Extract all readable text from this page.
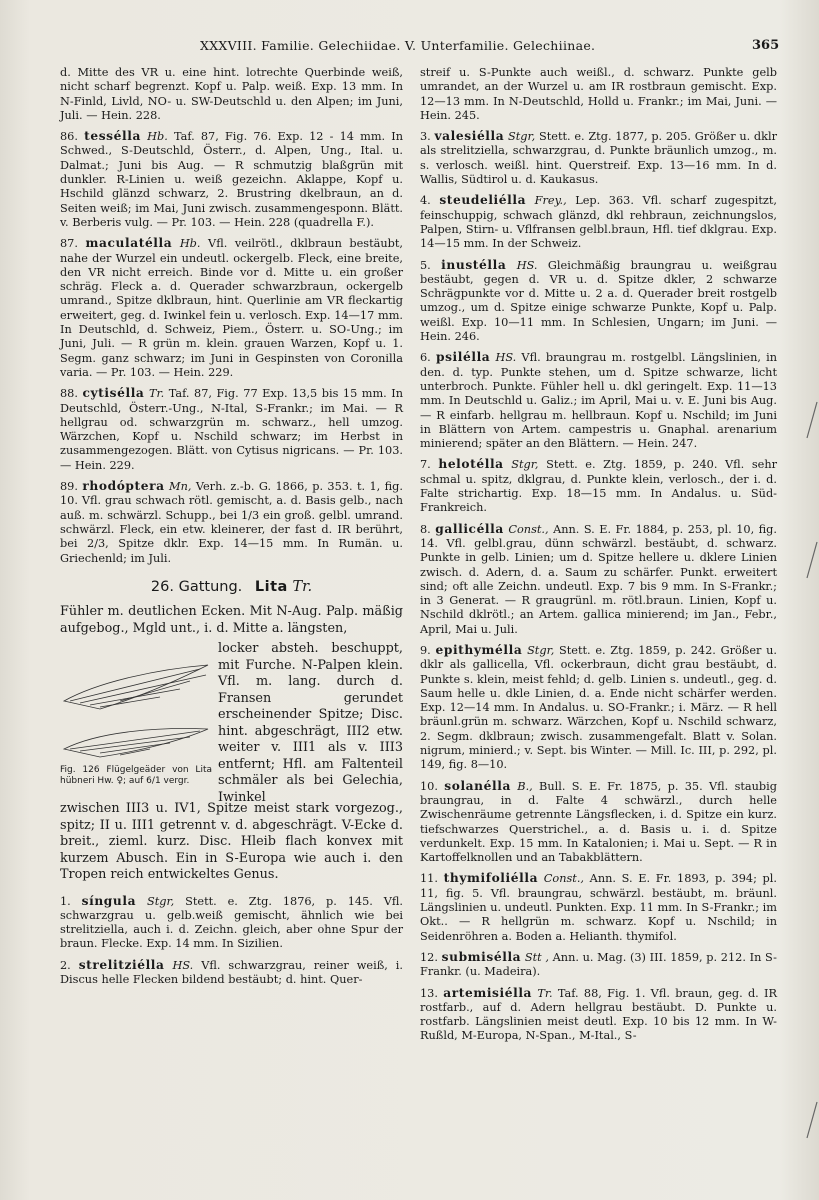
XXXVIII. Familie. Gelechiidae. V. Unterfamilie. Gelechiinae.	365

d. Mitte des VR u. eine hint. lotrechte Querbinde weiß, nicht scharf begrenzt. Kopf u. Palp. weiß. Exp. 13 mm. In N-Finld, Livld, NO- u. SW-Deutschld u. den Alpen; im Juni, Juli. — Hein. 228.

86. tessélla Hb. Taf. 87, Fig. 76. Exp. 12 - 14 mm. In Schwed., S-Deutschld, Österr., d. Alpen, Ung., Ital. u. Dalmat.; Juni bis Aug. — R schmutzig blaßgrün mit dunkler. R-Linien u. weiß gezeichn. Aklappe, Kopf u. Hschild glänzd schwarz, 2. Brustring dkelbraun, an d. Seiten weiß; im Mai, Juni zwisch. zusammengesponn. Blätt. v. Berberis vulg. — Pr. 103. — Hein. 228 (quadrella F.).

87. maculatélla Hb. Vfl. veilrötl., dklbraun bestäubt, nahe der Wurzel ein undeutl. ockergelb. Fleck, eine breite, den VR nicht erreich. Binde vor d. Mitte u. ein großer schräg. Fleck a. d. Querader schwarzbraun, ockergelb umrand., Spitze dklbraun, hint. Querlinie am VR fleckartig erweitert, geg. d. Iwinkel fein u. verlosch. Exp. 14—17 mm. In Deutschld, d. Schweiz, Piem., Österr. u. SO-Ung.; im Juni, Juli. — R grün m. klein. grauen Warzen, Kopf u. 1. Segm. ganz schwarz; im Juni in Gespinsten von Coronilla varia. — Pr. 103. — Hein. 229.

88. cytisélla Tr. Taf. 87, Fig. 77 Exp. 13,5 bis 15 mm. In Deutschld, Österr.-Ung., N-Ital, S-Frankr.; im Mai. — R hellgrau od. schwarzgrün m. schwarz., hell umzog. Wärzchen, Kopf u. Nschild schwarz; im Herbst in zusammengezogen. Blätt. von Cytisus nigricans. — Pr. 103. — Hein. 229.

89. rhodóptera Mn, Verh. z.-b. G. 1866, p. 353. t. 1, fig. 10. Vfl. grau schwach rötl. gemischt, a. d. Basis gelb., nach auß. m. schwärzl. Schupp., bei 1/3 ein groß. gelbl. umrand. schwärzl. Fleck, ein etw. kleinerer, der fast d. IR berührt, bei 2/3, Spitze dklr. Exp. 14—15 mm. In Rumän. u. Griechenld; im Juli.

26. Gattung. Lita Tr.
Fühler m. deutlichen Ecken. Mit N-Aug. Palp. mäßig aufgebog., Mgld unt., i. d. Mitte a. längsten,
Fig. 126 Flügelgeäder von Lita hübneri Hw. ♀; auf 6/1 vergr.
locker absteh. beschuppt, mit Furche. N-Palpen klein. Vfl. m. lang. durch d. Fransen gerundet erscheinender Spitze; Disc. hint. abgeschrägt, III2 etw. weiter v. III1 als v. III3 entfernt; Hfl. am Faltenteil schmäler als bei Gelechia, Iwinkel
zwischen III3 u. IV1, Spitze meist stark vorgezog., spitz; II u. III1 getrennt v. d. abgeschrägt. V-Ecke d. breit., zieml. kurz. Disc. Hleib flach konvex mit kurzem Abusch. Ein in S-Europa wie auch i. den Tropen reich entwickeltes Genus.

1. síngula Stgr, Stett. e. Ztg. 1876, p. 145. Vfl. schwarzgrau u. gelb.weiß gemischt, ähnlich wie bei strelitziella, auch i. d. Zeichn. gleich, aber ohne Spur der braun. Flecke. Exp. 14 mm. In Sizilien.

2. strelitziélla HS. Vfl. schwarzgrau, reiner weiß, i. Discus helle Flecken bildend bestäubt; d. hint. Quer-

streif u. S-Punkte auch weißl., d. schwarz. Punkte gelb umrandet, an der Wurzel u. am IR rostbraun gemischt. Exp. 12—13 mm. In N-Deutschld, Holld u. Frankr.; im Mai, Juni. — Hein. 245.

3. valesiélla Stgr, Stett. e. Ztg. 1877, p. 205. Größer u. dklr als strelitziella, schwarzgrau, d. Punkte bräunlich umzog., m. s. verlosch. weißl. hint. Querstreif. Exp. 13—16 mm. In d. Wallis, Südtirol u. d. Kaukasus.

4. steudeliélla Frey., Lep. 363. Vfl. scharf zugespitzt, feinschuppig, schwach glänzd, dkl rehbraun, zeichnungslos, Palpen, Stirn- u. Vflfransen gelbl.braun, Hfl. tief dklgrau. Exp. 14—15 mm. In der Schweiz.

5. inustélla HS. Gleichmäßig braungrau u. weißgrau bestäubt, gegen d. VR u. d. Spitze dkler, 2 schwarze Schrägpunkte vor d. Mitte u. 2 a. d. Querader breit rostgelb umzog., um d. Spitze einige schwarze Punkte, Kopf u. Palp. weißl. Exp. 10—11 mm. In Schlesien, Ungarn; im Juni. — Hein. 246.

6. psilélla HS. Vfl. braungrau m. rostgelbl. Längslinien, in den. d. typ. Punkte stehen, um d. Spitze schwarze, licht unterbroch. Punkte. Fühler hell u. dkl geringelt. Exp. 11—13 mm. In Deutschld u. Galiz.; im April, Mai u. v. E. Juni bis Aug. — R einfarb. hellgrau m. hellbraun. Kopf u. Nschild; im Juni in Blättern von Artem. campestris u. Gnaphal. arenarium minierend; später an den Blättern. — Hein. 247.

7. helotélla Stgr, Stett. e. Ztg. 1859, p. 240. Vfl. sehr schmal u. spitz, dklgrau, d. Punkte klein, verlosch., der i. d. Falte strichartig. Exp. 18—15 mm. In Andalus. u. Süd-Frankreich.

8. gallicélla Const., Ann. S. E. Fr. 1884, p. 253, pl. 10, fig. 14. Vfl. gelbl.grau, dünn schwärzl. bestäubt, d. schwarz. Punkte in gelb. Linien; um d. Spitze hellere u. dklere Linien zwisch. d. Adern, d. a. Saum zu schärfer. Punkt. erweitert sind; oft alle Zeichn. undeutl. Exp. 7 bis 9 mm. In S-Frankr.; in 3 Generat. — R graugrünl. m. rötl.braun. Linien, Kopf u. Nschild dklrötl.; an Artem. gallica minierend; im Jan., Febr., April, Mai u. Juli.

9. epithymélla Stgr, Stett. e. Ztg. 1859, p. 242. Größer u. dklr als gallicella, Vfl. ockerbraun, dicht grau bestäubt, d. Punkte s. klein, meist fehld; d. gelb. Linien s. undeutl., geg. d. Saum helle u. dkle Linien, d. a. Ende nicht schärfer werden. Exp. 12—14 mm. In Andalus. u. SO-Frankr.; i. März. — R hell bräunl.grün m. schwarz. Wärzchen, Kopf u. Nschild schwarz, 2. Segm. dklbraun; zwisch. zusammengefalt. Blatt v. Solan. nigrum, minierd.; v. Sept. bis Winter. — Mill. Ic. III, p. 292, pl. 149, fig. 8—10.

10. solanélla B., Bull. S. E. Fr. 1875, p. 35. Vfl. staubig braungrau, in d. Falte 4 schwärzl., durch helle Zwischenräume getrennte Längsflecken, i. d. Spitze ein kurz. tiefschwarzes Querstrichel., a. d. Basis u. i. d. Spitze verdunkelt. Exp. 15 mm. In Katalonien; i. Mai u. Sept. — R in Kartoffelknollen und an Tabakblättern.

11. thymifoliélla Const., Ann. S. E. Fr. 1893, p. 394; pl. 11, fig. 5. Vfl. braungrau, schwärzl. bestäubt, m. bräunl. Längslinien u. undeutl. Punkten. Exp. 11 mm. In S-Frankr.; im Okt.. — R hellgrün m. schwarz. Kopf u. Nschild; in Seidenröhren a. Boden a. Helianth. thymifol.

12. submisélla Stt , Ann. u. Mag. (3) III. 1859, p. 212. In S-Frankr. (u. Madeira).

13. artemisiélla Tr. Taf. 88, Fig. 1. Vfl. braun, geg. d. IR rostfarb., auf d. Adern hellgrau bestäubt. D. Punkte u. rostfarb. Längslinien meist deutl. Exp. 10 bis 12 mm. In W-Rußld, M-Europa, N-Span., M-Ital., S-
